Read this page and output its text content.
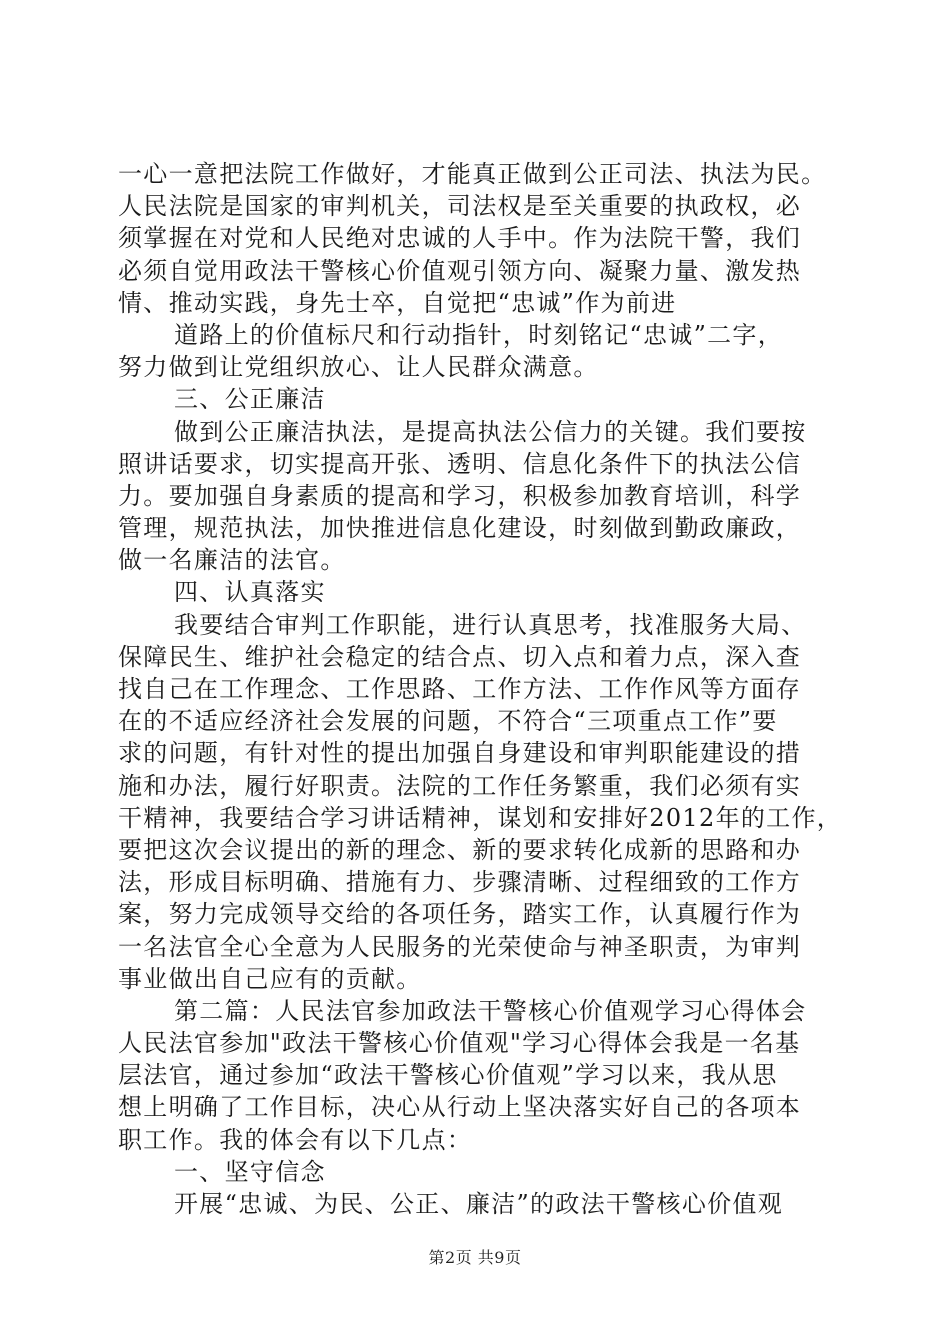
一心一意把法院工作做好，才能真正做到公正司法、执法为民。
人民法院是国家的审判机关，司法权是至关重要的执政权，必
须掌握在对党和人民绝对忠诚的人手中。作为法院干警，我们
必须自觉用政法干警核心价值观引领方向、凝聚力量、激发热
情、推动实践，身先士卒，自觉把“忠诚”作为前进
道路上的价值标尺和行动指针，时刻铭记“忠诚”二字，
努力做到让党组织放心、让人民群众满意。
三、公正廉洁
做到公正廉洁执法，是提高执法公信力的关键。我们要按
照讲话要求，切实提高开张、透明、信息化条件下的执法公信
力。要加强自身素质的提高和学习，积极参加教育培训，科学
管理，规范执法，加快推进信息化建设，时刻做到勤政廉政，
做一名廉洁的法官。
四、认真落实
我要结合审判工作职能，进行认真思考，找准服务大局、
保障民生、维护社会稳定的结合点、切入点和着力点，深入查
找自己在工作理念、工作思路、工作方法、工作作风等方面存
在的不适应经济社会发展的问题，不符合“三项重点工作”要
求的问题，有针对性的提出加强自身建设和审判职能建设的措
施和办法，履行好职责。法院的工作任务繁重，我们必须有实
干精神，我要结合学习讲话精神，谋划和安排好2012年的工作，
要把这次会议提出的新的理念、新的要求转化成新的思路和办
法，形成目标明确、措施有力、步骤清晰、过程细致的工作方
案，努力完成领导交给的各项任务，踏实工作，认真履行作为
一名法官全心全意为人民服务的光荣使命与神圣职责，为审判
事业做出自己应有的贡献。
第二篇：人民法官参加政法干警核心价值观学习心得体会
人民法官参加"政法干警核心价值观"学习心得体会我是一名基
层法官，通过参加“政法干警核心价值观”学习以来，我从思
想上明确了工作目标，决心从行动上坚决落实好自己的各项本
职工作。我的体会有以下几点：
一、坚守信念
开展“忠诚、为民、公正、廉洁”的政法干警核心价值观
第2页 共9页
